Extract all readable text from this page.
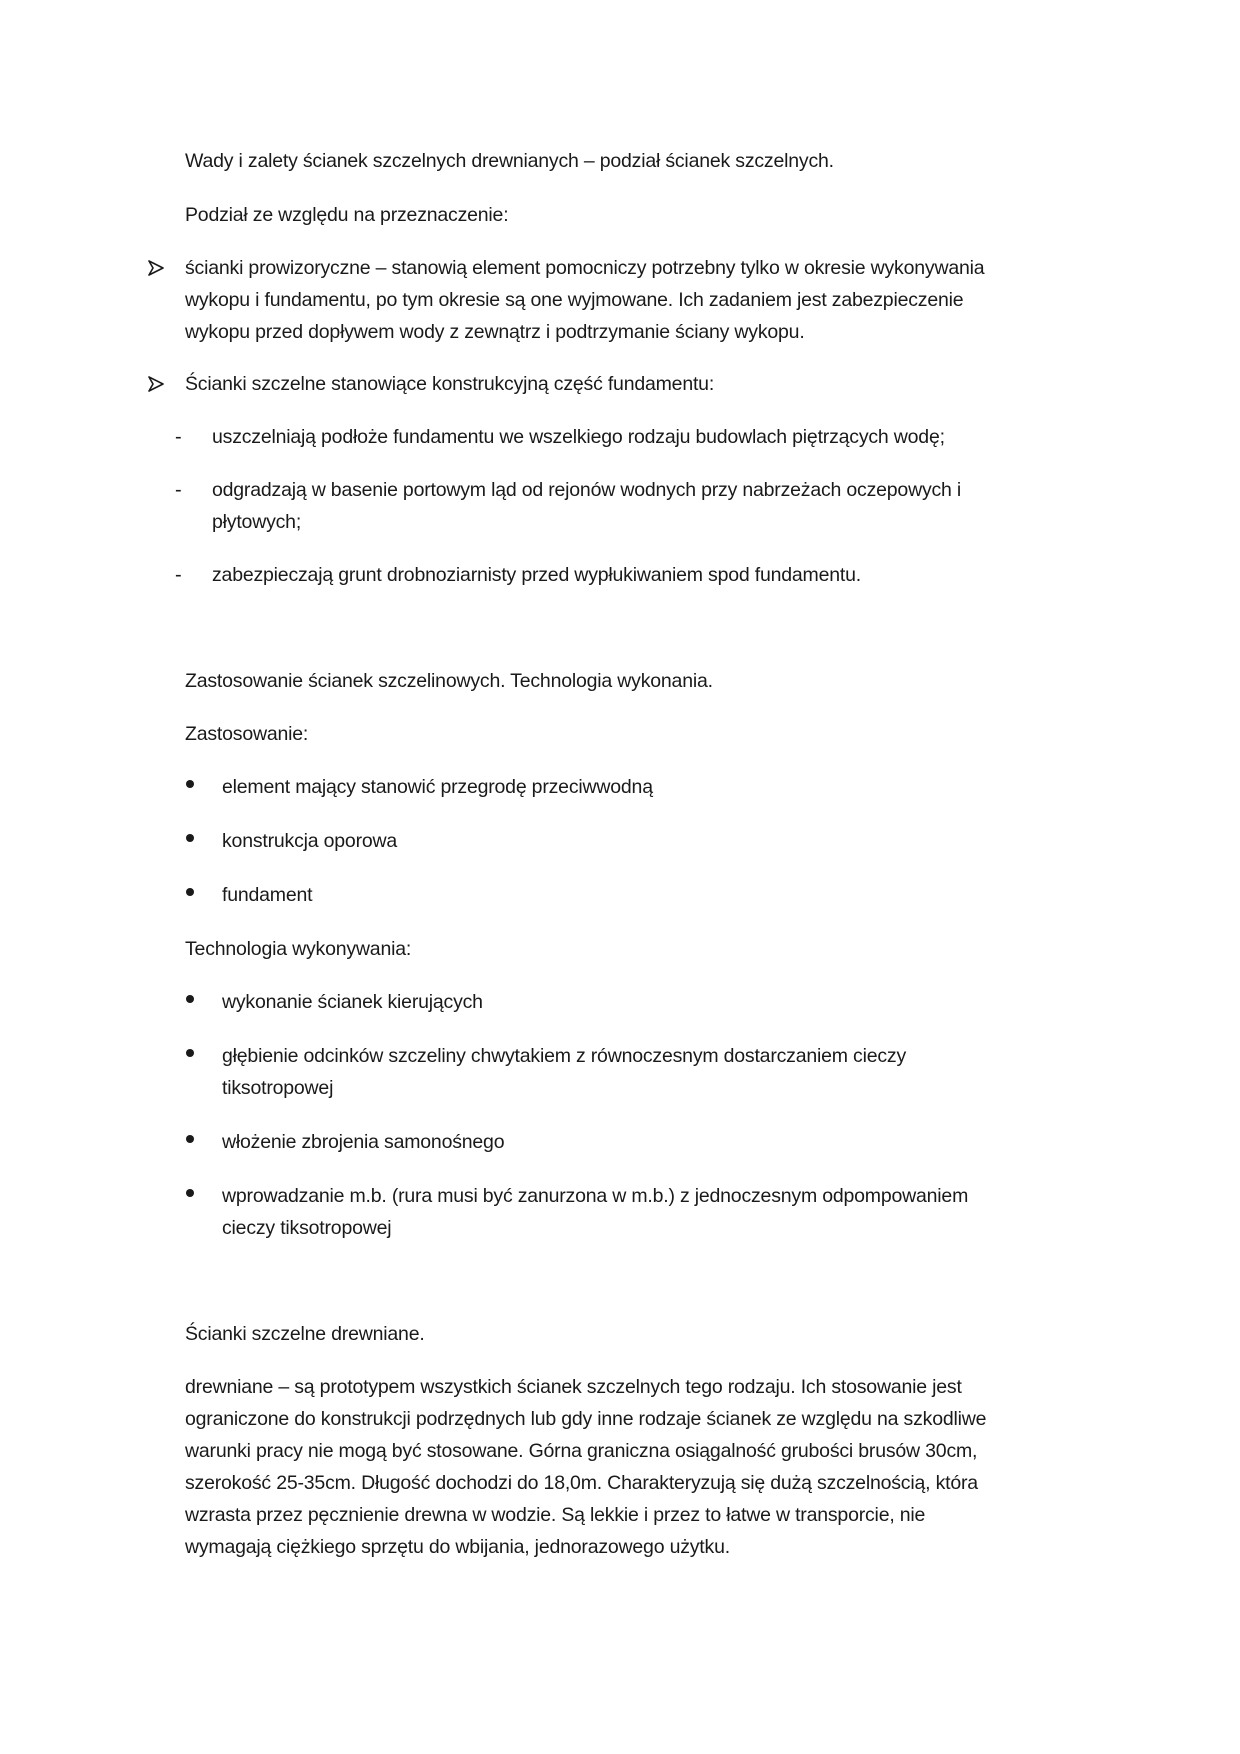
Wady i zalety ścianek szczelnych drewnianych – podział ścianek szczelnych.
Podział ze względu na przeznaczenie:
ścianki prowizoryczne – stanowią element pomocniczy potrzebny tylko w okresie wykonywania
wykopu i fundamentu, po tym okresie są one wyjmowane. Ich zadaniem jest zabezpieczenie
wykopu przed dopływem wody z zewnątrz i podtrzymanie ściany wykopu.
Ścianki szczelne stanowiące konstrukcyjną część fundamentu:
- uszczelniają podłoże fundamentu we wszelkiego rodzaju budowlach piętrzących wodę;
- odgradzają w basenie portowym ląd od rejonów wodnych przy nabrzeżach oczepowych i
płytowych;
- zabezpieczają grunt drobnoziarnisty przed wypłukiwaniem spod fundamentu.
Zastosowanie ścianek szczelinowych. Technologia wykonania.
Zastosowanie:
element mający stanowić przegrodę przeciwwodną
konstrukcja oporowa
fundament
Technologia wykonywania:
wykonanie ścianek kierujących
głębienie odcinków szczeliny chwytakiem z równoczesnym dostarczaniem cieczy
tiksotropowej
włożenie zbrojenia samonośnego
wprowadzanie m.b. (rura musi być zanurzona w m.b.) z jednoczesnym odpompowaniem
cieczy tiksotropowej
Ścianki szczelne drewniane.
drewniane – są prototypem wszystkich ścianek szczelnych tego rodzaju. Ich stosowanie jest
ograniczone do konstrukcji podrzędnych lub gdy inne rodzaje ścianek ze względu na szkodliwe
warunki pracy nie mogą być stosowane. Górna graniczna osiągalność grubości brusów 30cm,
szerokość 25-35cm. Długość dochodzi do 18,0m. Charakteryzują się dużą szczelnością, która
wzrasta przez pęcznienie drewna w wodzie. Są lekkie i przez to łatwe w transporcie, nie
wymagają ciężkiego sprzętu do wbijania, jednorazowego użytku.
